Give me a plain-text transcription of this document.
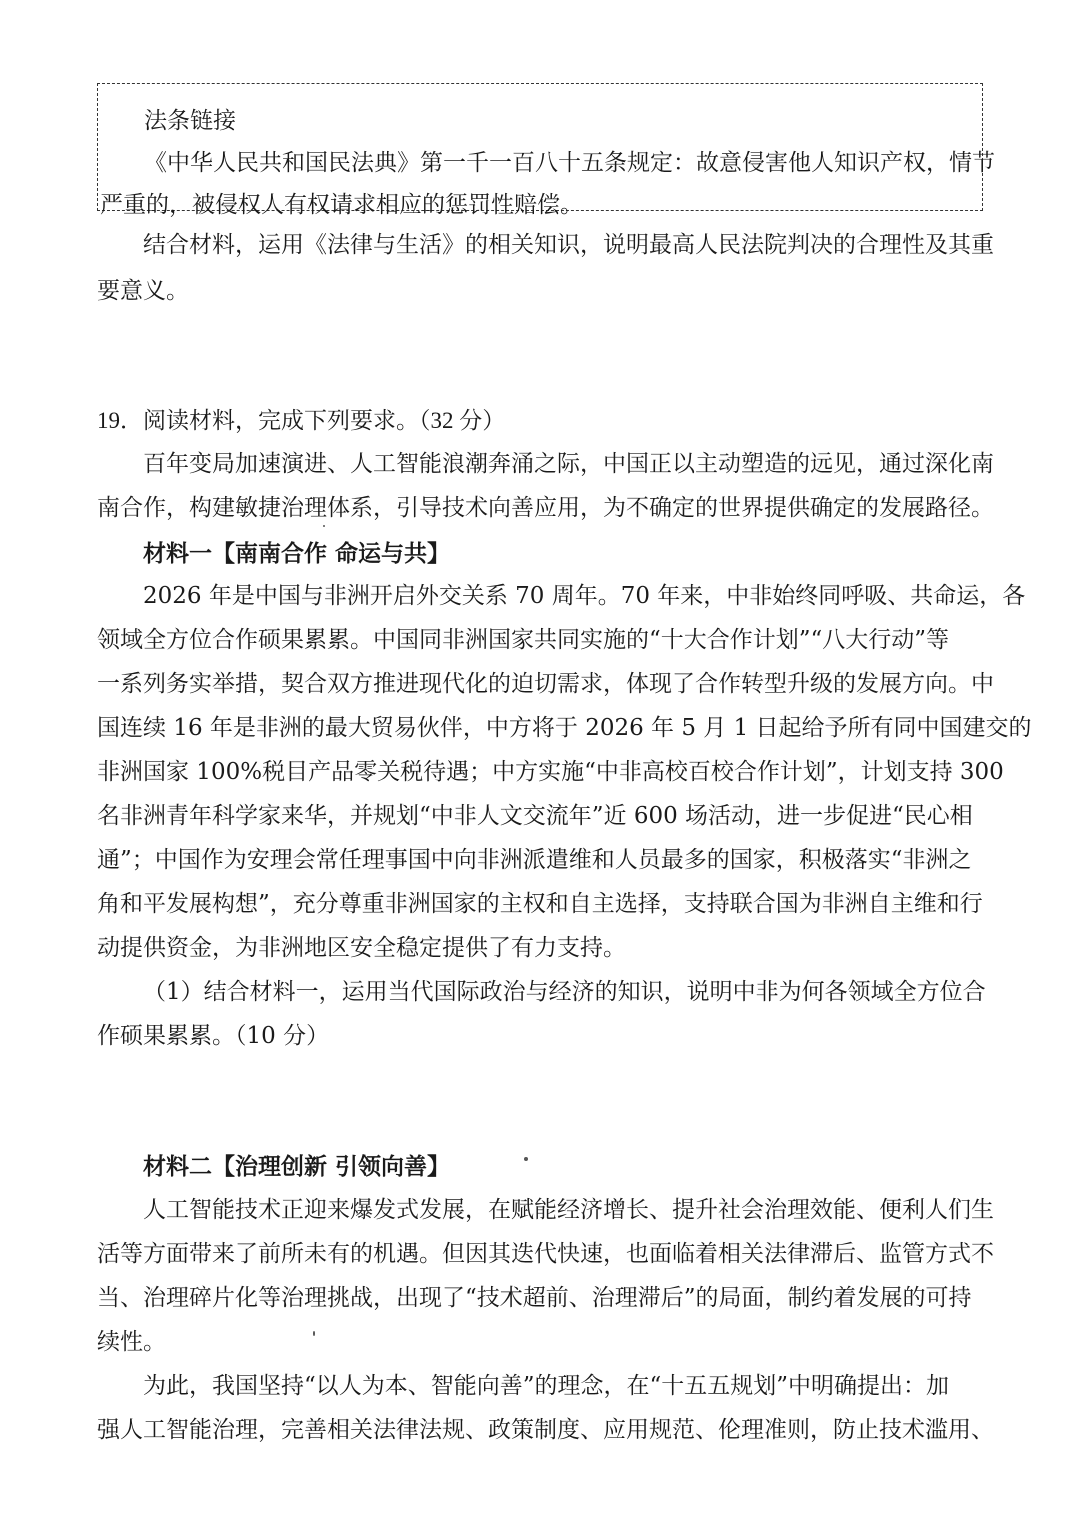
法条链接
《中华人民共和国民法典》第一千一百八十五条规定：故意侵害他人知识产权，情节
严重的，被侵权人有权请求相应的惩罚性赔偿。
结合材料，运用《法律与生活》的相关知识，说明最高人民法院判决的合理性及其重
要意义。
19．阅读材料，完成下列要求。（32 分）
百年变局加速演进、人工智能浪潮奔涌之际，中国正以主动塑造的远见，通过深化南
南合作，构建敏捷治理体系，引导技术向善应用，为不确定的世界提供确定的发展路径。
材料一【南南合作 命运与共】
2026 年是中国与非洲开启外交关系 70 周年。70 年来，中非始终同呼吸、共命运，各
领域全方位合作硕果累累。中国同非洲国家共同实施的“十大合作计划”“八大行动”等
一系列务实举措，契合双方推进现代化的迫切需求，体现了合作转型升级的发展方向。中
国连续 16 年是非洲的最大贸易伙伴，中方将于 2026 年 5 月 1 日起给予所有同中国建交的
非洲国家 100%税目产品零关税待遇；中方实施“中非高校百校合作计划”，计划支持 300
名非洲青年科学家来华，并规划“中非人文交流年”近 600 场活动，进一步促进“民心相
通”；中国作为安理会常任理事国中向非洲派遣维和人员最多的国家，积极落实“非洲之
角和平发展构想”，充分尊重非洲国家的主权和自主选择，支持联合国为非洲自主维和行
动提供资金，为非洲地区安全稳定提供了有力支持。
（1）结合材料一，运用当代国际政治与经济的知识，说明中非为何各领域全方位合
作硕果累累。（10 分）
材料二【治理创新 引领向善】
人工智能技术正迎来爆发式发展，在赋能经济增长、提升社会治理效能、便利人们生
活等方面带来了前所未有的机遇。但因其迭代快速，也面临着相关法律滞后、监管方式不
当、治理碎片化等治理挑战，出现了“技术超前、治理滞后”的局面，制约着发展的可持
续性。
为此，我国坚持“以人为本、智能向善”的理念，在“十五五规划”中明确提出：加
强人工智能治理，完善相关法律法规、政策制度、应用规范、伦理准则，防止技术滥用、
